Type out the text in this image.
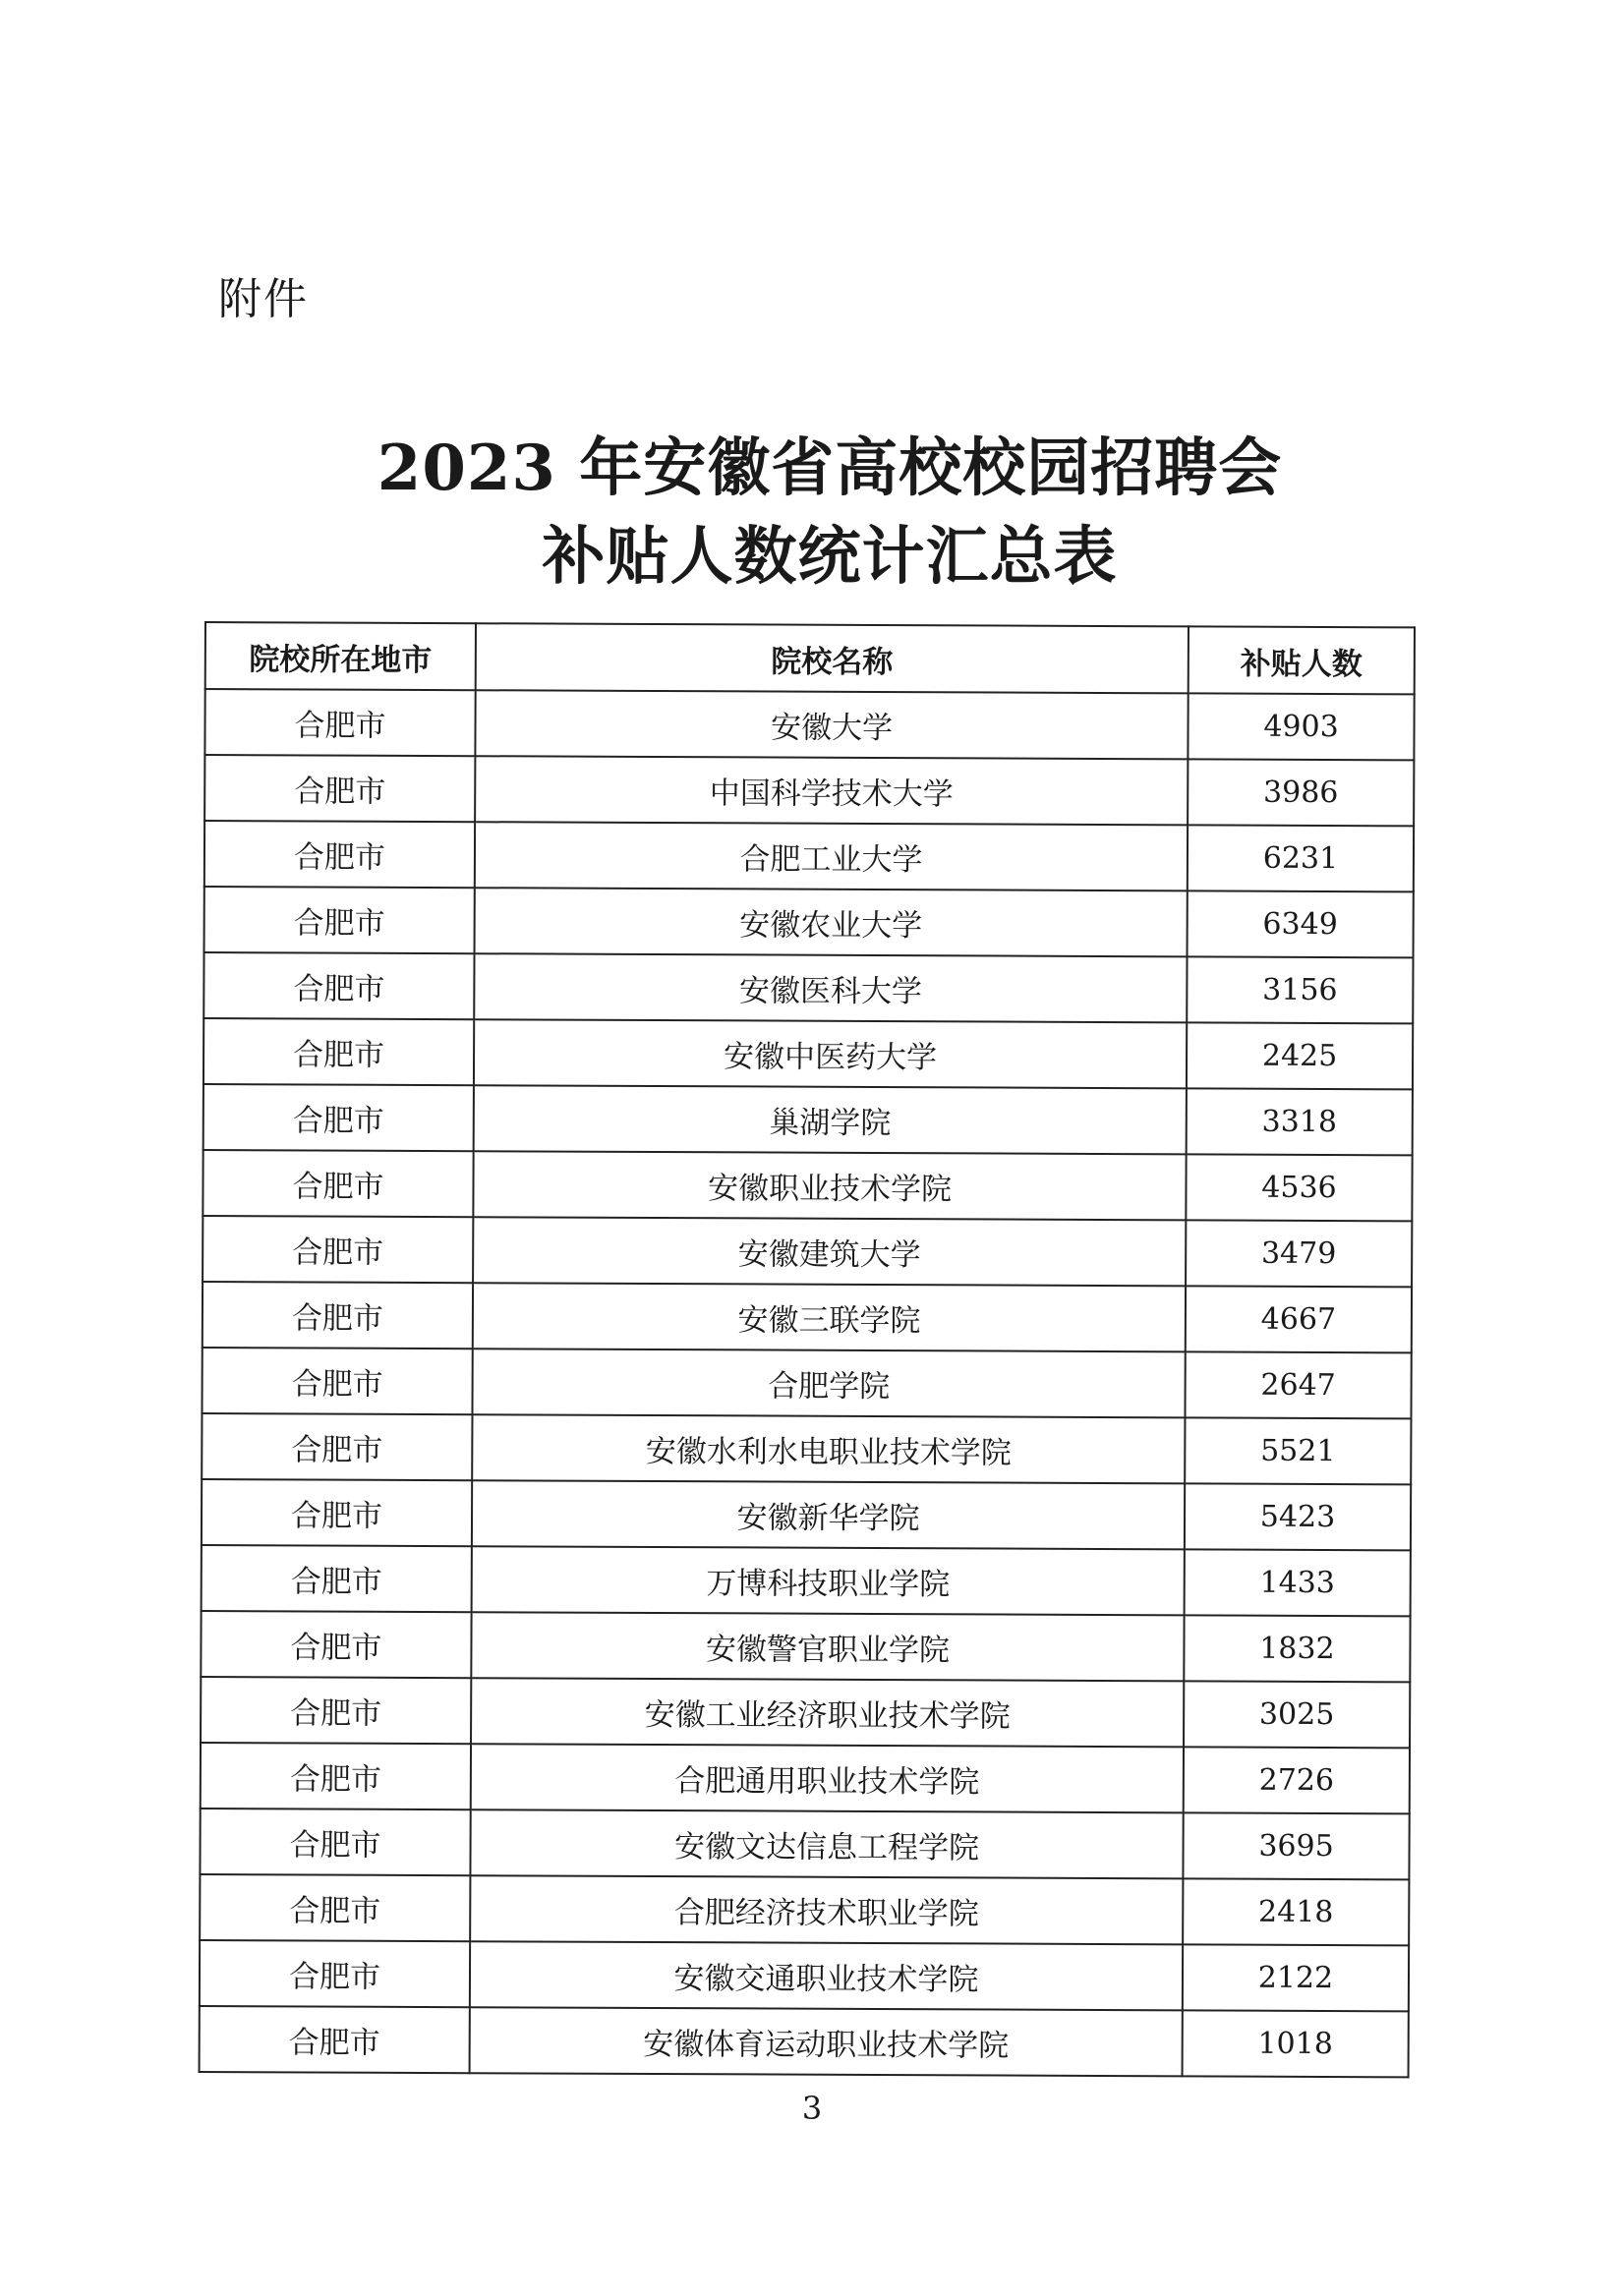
附件
2023 年安徽省高校校园招聘会
补贴人数统计汇总表
院校所在地市	院校名称	补贴人数
合肥市	安徽大学	4903
合肥市	中国科学技术大学	3986
合肥市	合肥工业大学	6231
合肥市	安徽农业大学	6349
合肥市	安徽医科大学	3156
合肥市	安徽中医药大学	2425
合肥市	巢湖学院	3318
合肥市	安徽职业技术学院	4536
合肥市	安徽建筑大学	3479
合肥市	安徽三联学院	4667
合肥市	合肥学院	2647
合肥市	安徽水利水电职业技术学院	5521
合肥市	安徽新华学院	5423
合肥市	万博科技职业学院	1433
合肥市	安徽警官职业学院	1832
合肥市	安徽工业经济职业技术学院	3025
合肥市	合肥通用职业技术学院	2726
合肥市	安徽文达信息工程学院	3695
合肥市	合肥经济技术职业学院	2418
合肥市	安徽交通职业技术学院	2122
合肥市	安徽体育运动职业技术学院	1018
3
